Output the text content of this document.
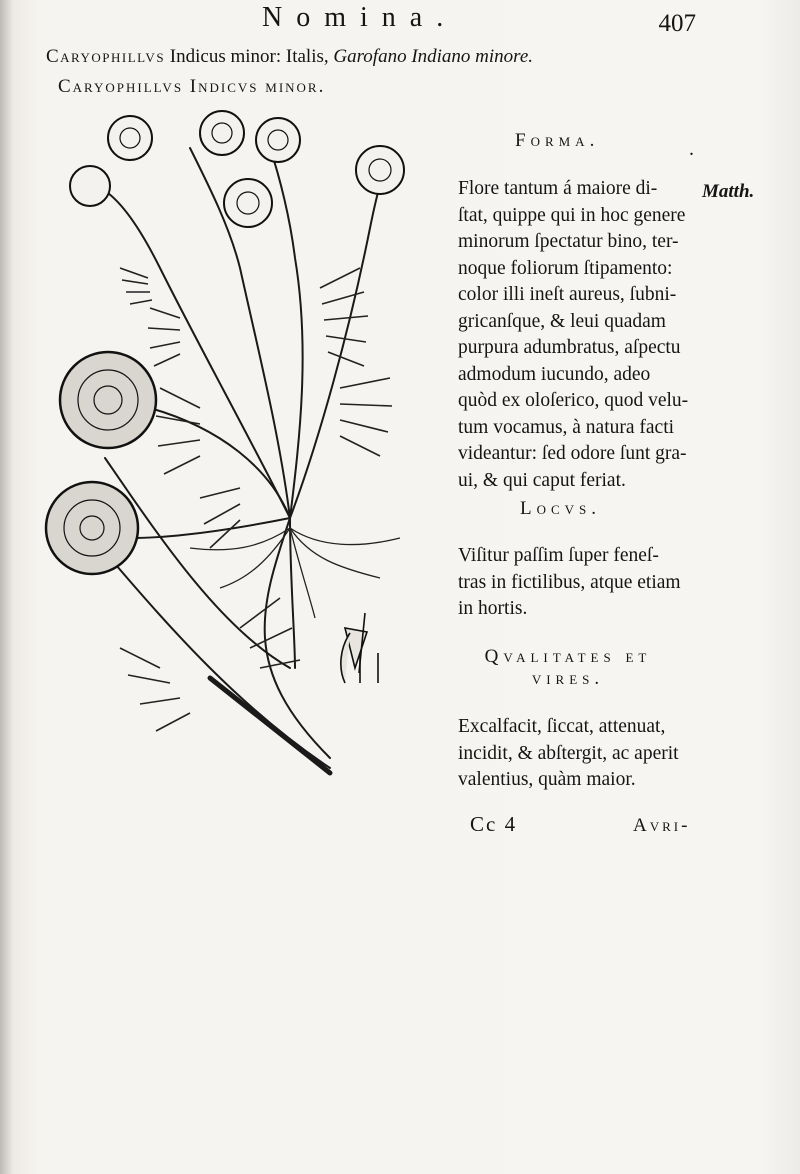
Nomina.	407
Caryophillvs Indicus minor: Italis, Garofano Indiano minore.
Caryophillvs Indicvs minor.
.
Matth.
Forma.
Flore tantum á maiore di-
ſtat, quippe qui in hoc genere
minorum ſpectatur bino, ter-
noque foliorum ſtipamento:
color illi ineſt aureus, ſubni-
gricanſque, & leui quadam
purpura adumbratus, aſpectu
admodum iucundo, adeo
quòd ex oloſerico, quod velu-
tum vocamus, à natura facti
videantur: ſed odore ſunt gra-
ui, & qui caput feriat.
Locvs.
Viſitur paſſim ſuper feneſ-
tras in fictilibus, atque etiam
in hortis.
Qvalitates et
vires.
Excalfacit, ſiccat, attenuat,
incidit, & abſtergit, ac aperit
valentius, quàm maior.
Cc 4	Avri-
